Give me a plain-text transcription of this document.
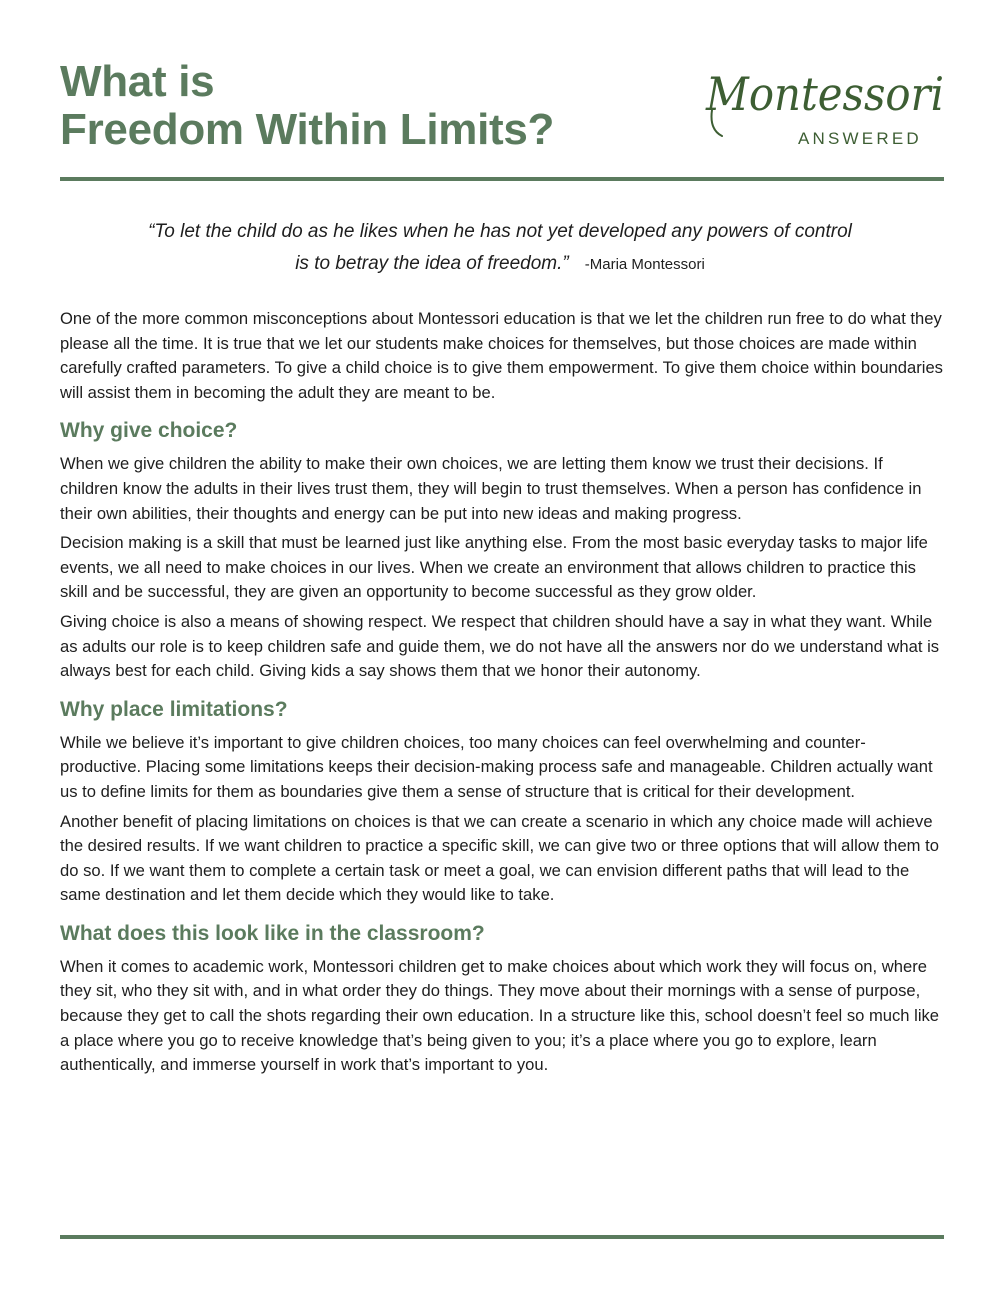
What is
Freedom Within Limits?
Montessori
ANSWERED
“To let the child do as he likes when he has not yet developed any powers of control
is to betray the idea of freedom.” -Maria Montessori

One of the more common misconceptions about Montessori education is that we let the children run free to do what they please all the time. It is true that we let our students make choices for themselves, but those choices are made within carefully crafted parameters. To give a child choice is to give them empowerment. To give them choice within boundaries will assist them in becoming the adult they are meant to be.

Why give choice?

When we give children the ability to make their own choices, we are letting them know we trust their decisions. If children know the adults in their lives trust them, they will begin to trust themselves. When a person has confidence in their own abilities, their thoughts and energy can be put into new ideas and making progress.

Decision making is a skill that must be learned just like anything else. From the most basic everyday tasks to major life events, we all need to make choices in our lives. When we create an environment that allows children to practice this skill and be successful, they are given an opportunity to become successful as they grow older.

Giving choice is also a means of showing respect. We respect that children should have a say in what they want. While as adults our role is to keep children safe and guide them, we do not have all the answers nor do we understand what is always best for each child. Giving kids a say shows them that we honor their autonomy.

Why place limitations?

While we believe it’s important to give children choices, too many choices can feel overwhelming and counter-productive. Placing some limitations keeps their decision-making process safe and manageable. Children actually want us to define limits for them as boundaries give them a sense of structure that is critical for their development.

Another benefit of placing limitations on choices is that we can create a scenario in which any choice made will achieve the desired results. If we want children to practice a specific skill, we can give two or three options that will allow them to do so. If we want them to complete a certain task or meet a goal, we can envision different paths that will lead to the same destination and let them decide which they would like to take.

What does this look like in the classroom?

When it comes to academic work, Montessori children get to make choices about which work they will focus on, where they sit, who they sit with, and in what order they do things. They move about their mornings with a sense of purpose, because they get to call the shots regarding their own education. In a structure like this, school doesn’t feel so much like a place where you go to receive knowledge that’s being given to you; it’s a place where you go to explore, learn authentically, and immerse yourself in work that’s important to you.
